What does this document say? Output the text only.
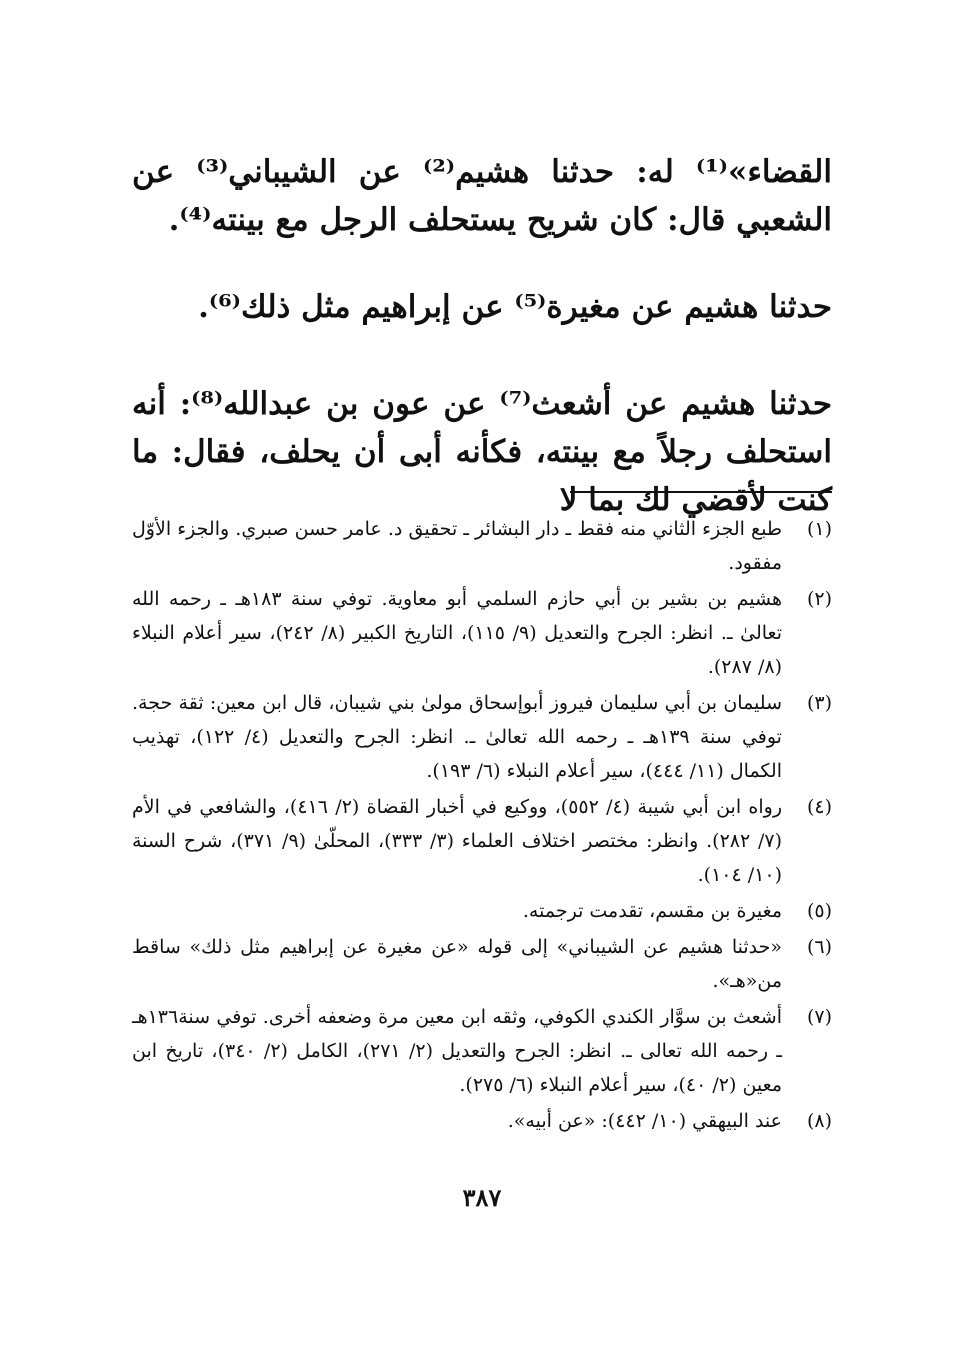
القضاء»⁽¹⁾ له: حدثنا هشيم⁽²⁾ عن الشيباني⁽³⁾ عن الشعبي قال: كان شريح يستحلف الرجل مع بينته⁽⁴⁾.
حدثنا هشيم عن مغيرة⁽⁵⁾ عن إبراهيم مثل ذلك⁽⁶⁾.
حدثنا هشيم عن أشعث⁽⁷⁾ عن عون بن عبدالله⁽⁸⁾: أنه استحلف رجلاً مع بينته، فكأنه أبى أن يحلف، فقال: ما كنت لأقضي لك بما لا
(١)
طبع الجزء الثاني منه فقط ـ دار البشائر ـ تحقيق د. عامر حسن صبري. والجزء الأوّل مفقود.
(٢)
هشيم بن بشير بن أبي حازم السلمي أبو معاوية. توفي سنة ١٨٣هـ ـ رحمه الله تعالىٰ ـ. انظر: الجرح والتعديل (٩/ ١١٥)، التاريخ الكبير (٨/ ٢٤٢)، سير أعلام النبلاء (٨/ ٢٨٧).
(٣)
سليمان بن أبي سليمان فيروز أبوإسحاق مولىٰ بني شيبان، قال ابن معين: ثقة حجة. توفي سنة ١٣٩هـ ـ رحمه الله تعالىٰ ـ. انظر: الجرح والتعديل (٤/ ١٢٢)، تهذيب الكمال (١١/ ٤٤٤)، سير أعلام النبلاء (٦/ ١٩٣).
(٤)
رواه ابن أبي شيبة (٤/ ٥٥٢)، ووكيع في أخبار القضاة (٢/ ٤١٦)، والشافعي في الأم (٧/ ٢٨٢). وانظر: مختصر اختلاف العلماء (٣/ ٣٣٣)، المحلّىٰ (٩/ ٣٧١)، شرح السنة (١٠/ ١٠٤).
(٥)
مغيرة بن مقسم، تقدمت ترجمته.
(٦)
«حدثنا هشيم عن الشيباني» إلى قوله «عن مغيرة عن إبراهيم مثل ذلك» ساقط من«هـ».
(٧)
أشعث بن سوَّار الكندي الكوفي، وثقه ابن معين مرة وضعفه أخرى. توفي سنة١٣٦هـ ـ رحمه الله تعالى ـ. انظر: الجرح والتعديل (٢/ ٢٧١)، الكامل (٢/ ٣٤٠)، تاريخ ابن معين (٢/ ٤٠)، سير أعلام النبلاء (٦/ ٢٧٥).
(٨)
عند البيهقي (١٠/ ٤٤٢): «عن أبيه».
٣٨٧
